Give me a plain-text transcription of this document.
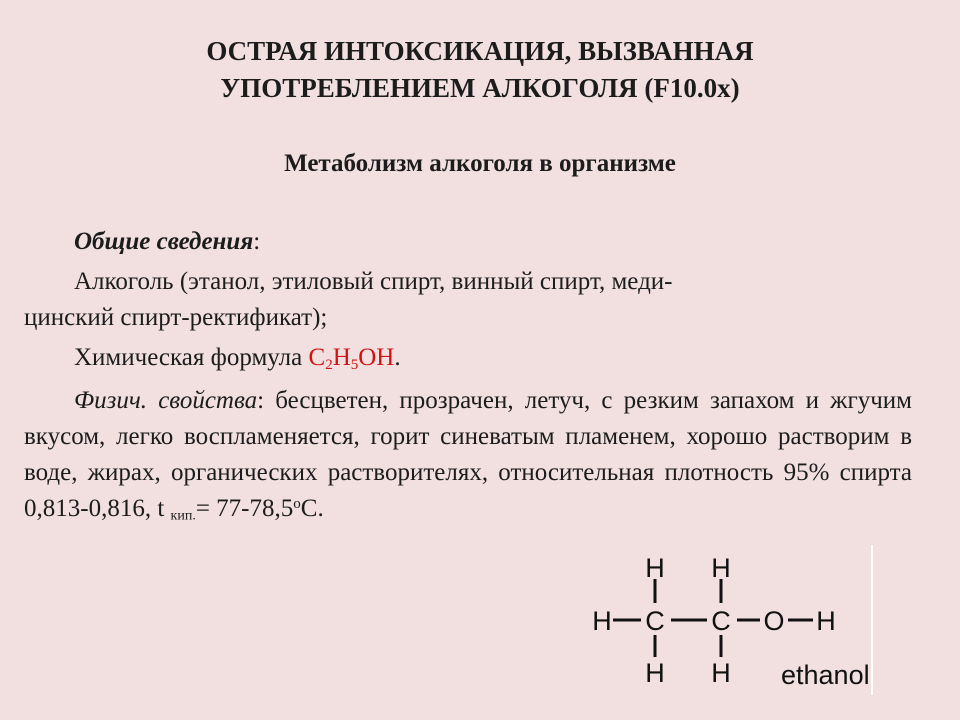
ОСТРАЯ ИНТОКСИКАЦИЯ, ВЫЗВАННАЯ
УПОТРЕБЛЕНИЕМ АЛКОГОЛЯ (F10.0x)
Метаболизм алкоголя в организме
Общие сведения:
Алкоголь (этанол, этиловый спирт, винный спирт, меди-
цинский спирт-ректификат);
Химическая формула $C_2H_5OH$.
Физич. свойства: бесцветен, прозрачен, летуч, с резким запахом и жгучим вкусом, легко воспламеняется, горит синеватым пламенем, хорошо растворим в воде, жирах, органических растворителях, относительная плотность 95% спирта 0,813-0,816, t $_{кип.}= 77-78,5^оС$.
H H
H C C O H
H H ethanol
